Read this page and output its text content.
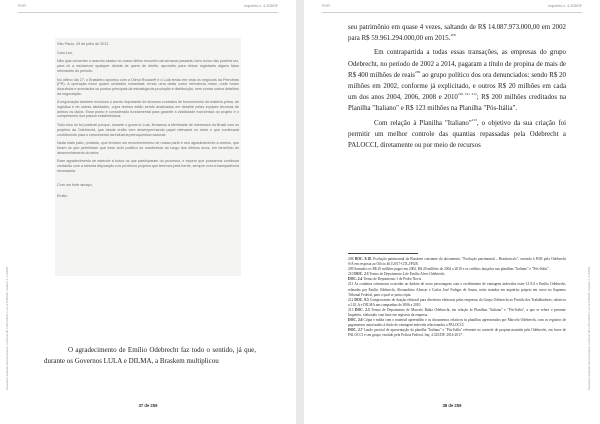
PGR	Inquérito n. 4.325/DF
Documento assinado eletronicamente, conforme MP 2.200-2/2001 e Lei 11.419/2006. Inquérito n. 4.325/DF
São Paulo, 29 de julho de 2012.
Caro Leo,
Não quis comentar o assunto abaixo no nosso último encontro da semana passada, bem como não poderia ser, para vir a esclarecer qualquer dúvida de quem de direito, aproveito para deixar registrado alguns fatos relevantes do período.
No último dia 27, o Brasileiro apontou com a Dilma Rousseff e o Lula tendo em vista os negócios da Petrobras (PR). A operação inclui quatro unidades industriais, tendo uma delas como relevância maior, onde foram discutidos e acordados os pontos principais da estratégia da produção e distribuição, sem contar outros detalhes da negociação.
A negociação também envolveu o acerto importante de diversos contratos de fornecimento de matéria-prima, de logística e de outras atividades, cujos termos estão sendo analisados em detalhe pelas equipes técnicas de ambos os lados. Esse ponto é considerado fundamental para garantir a viabilidade econômica do projeto e o cumprimento dos prazos estabelecidos.
Tudo isso só foi possível porque, durante o governo Lula, firmamos a identidade de interesses do Brasil com os projetos da Odebrecht, que desde então vem desempenhando papel relevante no setor e que continuará contribuindo para o crescimento da indústria petroquímica nacional.
Nada mais justo, portanto, que tenham um reconhecimento de nossa parte e seu agradecimento a ambos, que foram os que permitiram que esse ciclo positivo se mantivesse ao longo dos últimos anos, em benefício do desenvolvimento do setor.
Esse agradecimento se estende a todos os que participaram do processo, e espero que possamos continuar contando com a mesma disposição nos próximos projetos que teremos pela frente, sempre com a transparência necessária.
Com um forte abraço,
Emílio

O agradecimento de Emílio Odebrecht faz todo o sentido, já que, durante os Governos LULA e DILMA, a Braskem multiplicou

37 de 259
PGR	Inquérito n. 4.325/DF
Documento assinado eletronicamente, conforme MP 2.200-2/2001 e Lei 11.419/2006. Inquérito n. 4.325/DF

seu patrimônio em quase 4 vezes, saltando de R$ 14.087.973.000,00 em 2002 para R$ 59.961.294.000,00 em 2015.$^{208}$

Em contrapartida a todas essas transações, as empresas do grupo Odebrecht, no período de 2002 a 2014, pagaram a título de propina de mais de R$ 400 milhões de reais$^{209}$ ao grupo político dos ora denunciados: sendo R$ 20 milhões em 2002, conforme já explicitado, e outros R$ 20 milhões em cada um dos anos 2004, 2006, 2008 e $2010^{210 211 212}$; R$ 200 milhões creditados na Planilha "Italiano" e R$ 123 milhões na Planilha "Pós-Itália".

Com relação à Planilha "Italiano"$^{213}$, o objetivo da sua criação foi permitir um melhor controle das quantias repassadas pela Odebrecht a PALOCCI, diretamente ou por meio de recursos

208 DOC. 9.18. Evolução patrimonial da Braskem constante do documento: "Evolução patrimonial – Braskem.xls", enviado à PGR pela Odebrecht S/A em resposta ao Ofício 461/2017-GTLJ/PGR.

209 Somados os R$ 20 milhões pagos em 2002, R$ 20 milhões de 2004 a 2010 e os créditos lançados nas planilhas "Italiano" e "Pós-Itália".

210 DOC. 2.3 Termo de Depoimento 4 de Emílio Alves Odebrecht.

DOC. 2.4 Termo de Depoimento 1 de Pedro Novis.

211 As condutas criminosas ocorridas no âmbito de sexto personagens com o recebimento de vantagens indevidas entre LULA e Emílio Odebrecht, relatadas por Emílio Odebrecht, Alexandrino Alencar e Carlos José Fadigas de Souza, serão tratadas em inquérito próprio em curso no Supremo Tribunal Federal, para o qual se junta cópia.

212 DOC. 9.5 Comprovantes de doação eleitoral para diretórios eleitorais pelas empresas do Grupo Odebrecht ao Partido dos Trabalhadores, relativos a LULA e DILMA nas campanhas de 2006 a 2010.

213 DOC. 2.5 Termo de Depoimento de Marcelo Bahia Odebrecht, em relação às Planilhas "Italiano" e "Pós-Itália", a que se refere o presente Inquérito, elaborado com base em registros da empresa.

DOC. 2.6 Cópia e mídia com o material apreendido e os documentos relativos às planilhas apresentados por Marcelo Odebrecht, com os registros de pagamentos autorizados à título de vantagem indevida relacionados a PALOCCI.

DOC. 2.7 Laudo pericial de apresentação da planilha "Italiano" e "Pós-Itália" referente ao controle de propina mantida pela Odebrecht, em favor de PALOCCI e seu grupo, emitido pela Polícia Federal, Inq. 4.325/DF, 2014-2017.

38 de 259
